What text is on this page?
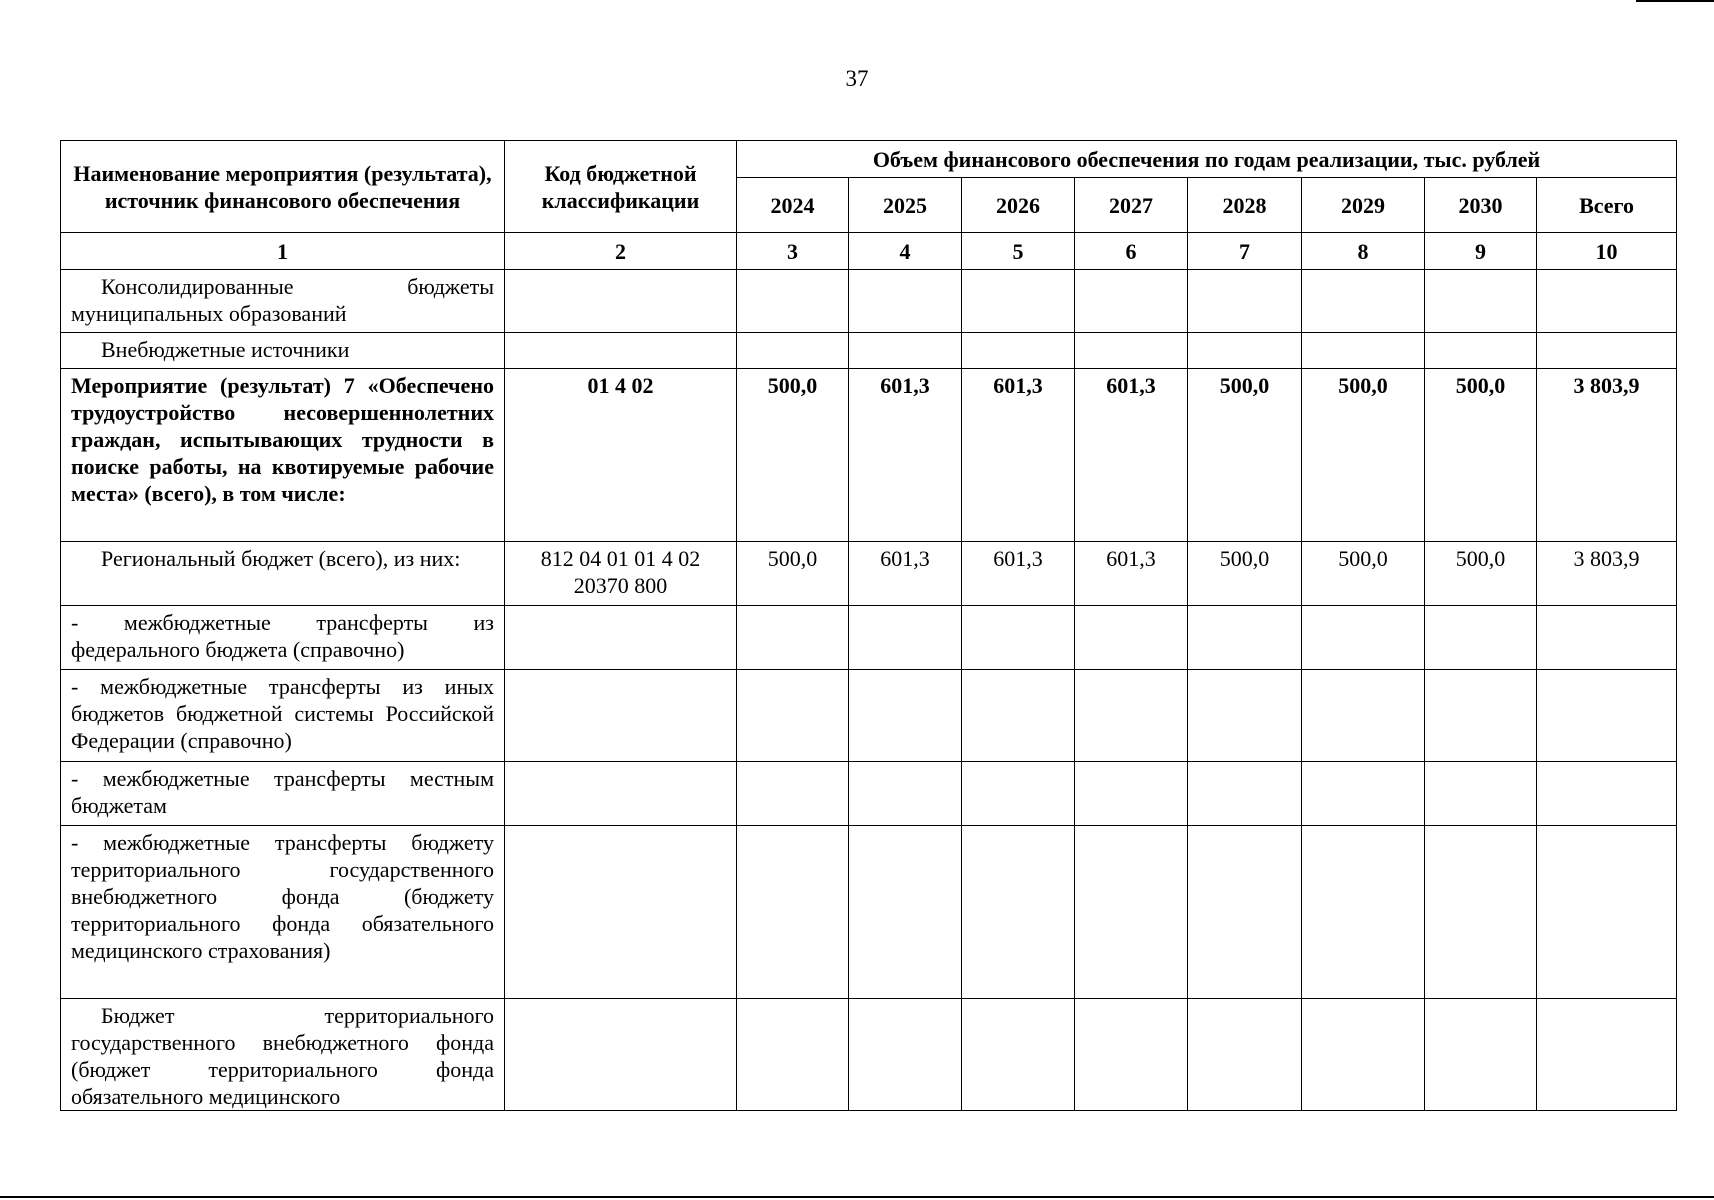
37
Наименование мероприятия (результата), источник финансового обеспечения	Код бюджетной классификации	Объем финансового обеспечения по годам реализации, тыс. рублей							
		2024	2025	2026	2027	2028	2029	2030	Всего
1	2	3	4	5	6	7	8	9	10
Консолидированные бюджеты муниципальных образований									
Внебюджетные источники									
Мероприятие (результат) 7 «Обеспечено трудоустройство несовершеннолетних граждан, испытывающих трудности в поиске работы, на квотируемые рабочие места» (всего), в том числе:	01 4 02	500,0	601,3	601,3	601,3	500,0	500,0	500,0	3 803,9
Региональный бюджет (всего), из них:	812 04 01 01 4 02 20370 800	500,0	601,3	601,3	601,3	500,0	500,0	500,0	3 803,9
- межбюджетные трансферты из федерального бюджета (справочно)									
- межбюджетные трансферты из иных бюджетов бюджетной системы Российской Федерации (справочно)									
- межбюджетные трансферты местным бюджетам									
- межбюджетные трансферты бюджету территориального государственного внебюджетного фонда (бюджету территориального фонда обязательного медицинского страхования)									

Бюджет территориального государственного внебюджетного фонда (бюджет территориального фонда обязательного медицинского									
